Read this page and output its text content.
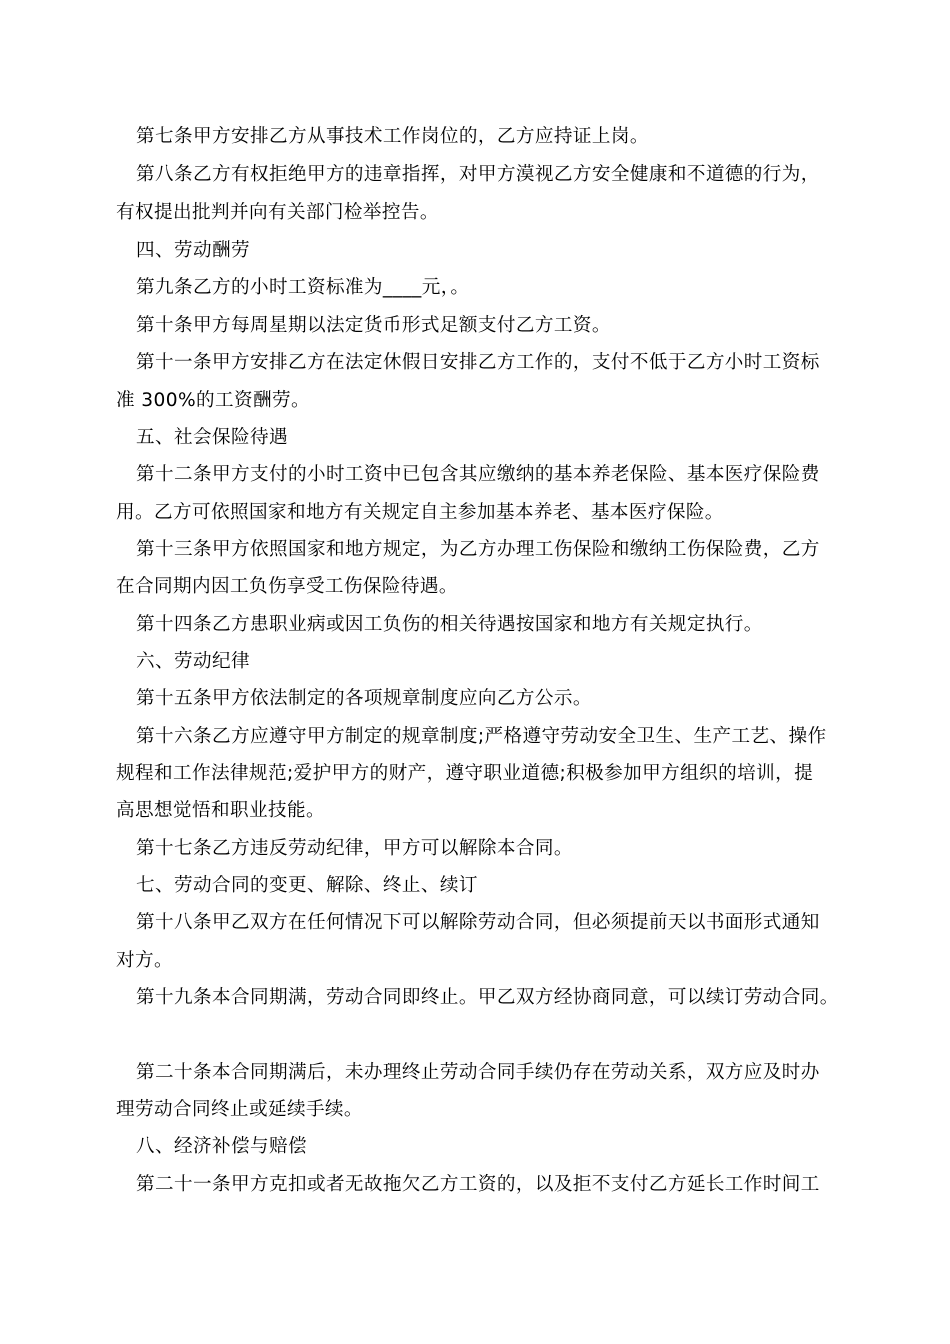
第七条甲方安排乙方从事技术工作岗位的，乙方应持证上岗。
第八条乙方有权拒绝甲方的违章指挥，对甲方漠视乙方安全健康和不道德的行为，
有权提出批判并向有关部门检举控告。
四、劳动酬劳
第九条乙方的小时工资标准为____元，。
第十条甲方每周星期以法定货币形式足额支付乙方工资。
第十一条甲方安排乙方在法定休假日安排乙方工作的，支付不低于乙方小时工资标
准 300%的工资酬劳。
五、社会保险待遇
第十二条甲方支付的小时工资中已包含其应缴纳的基本养老保险、基本医疗保险费
用。乙方可依照国家和地方有关规定自主参加基本养老、基本医疗保险。
第十三条甲方依照国家和地方规定，为乙方办理工伤保险和缴纳工伤保险费，乙方
在合同期内因工负伤享受工伤保险待遇。
第十四条乙方患职业病或因工负伤的相关待遇按国家和地方有关规定执行。
六、劳动纪律
第十五条甲方依法制定的各项规章制度应向乙方公示。
第十六条乙方应遵守甲方制定的规章制度;严格遵守劳动安全卫生、生产工艺、操作
规程和工作法律规范;爱护甲方的财产，遵守职业道德;积极参加甲方组织的培训，提
高思想觉悟和职业技能。
第十七条乙方违反劳动纪律，甲方可以解除本合同。
七、劳动合同的变更、解除、终止、续订
第十八条甲乙双方在任何情况下可以解除劳动合同，但必须提前天以书面形式通知
对方。
第十九条本合同期满，劳动合同即终止。甲乙双方经协商同意，可以续订劳动合同。
第二十条本合同期满后，未办理终止劳动合同手续仍存在劳动关系，双方应及时办
理劳动合同终止或延续手续。
八、经济补偿与赔偿
第二十一条甲方克扣或者无故拖欠乙方工资的，以及拒不支付乙方延长工作时间工
